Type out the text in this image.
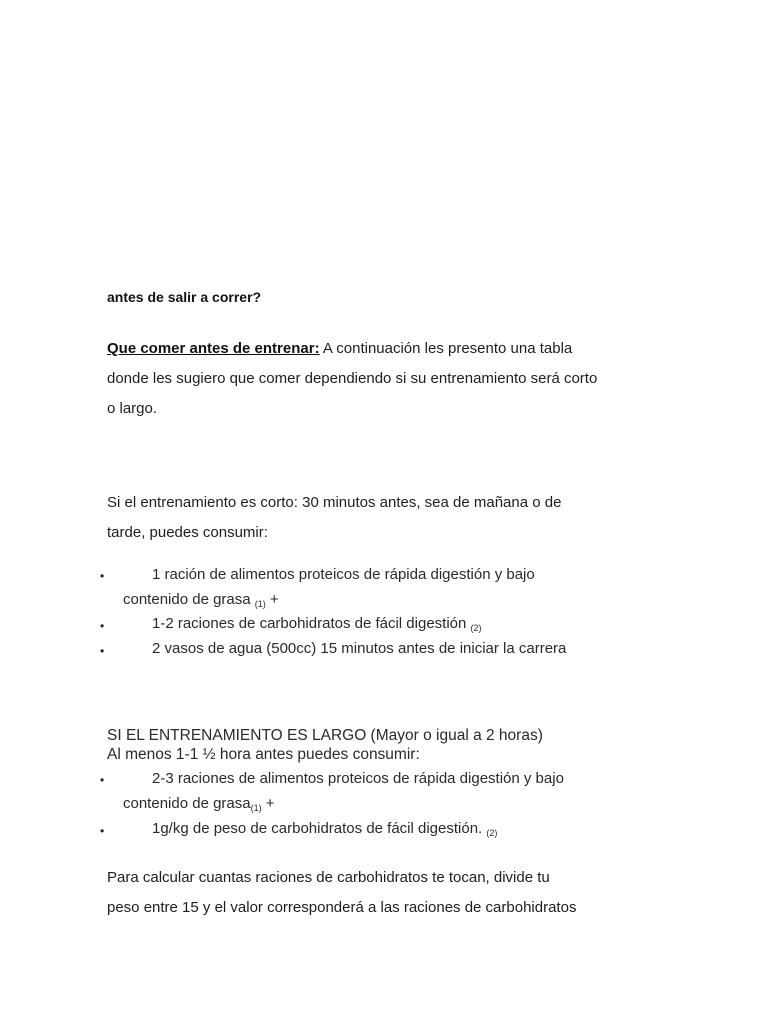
antes de salir a correr?
Que comer antes de entrenar: A continuación les presento una tabla
donde les sugiero que comer dependiendo si su entrenamiento será corto
o largo.
Si el entrenamiento es corto: 30 minutos antes, sea de mañana o de
tarde, puedes consumir:
•	1 ración de alimentos proteicos de rápida digestión y bajo
contenido de grasa $_{(1)}$ +
•	1-2 raciones de carbohidratos de fácil digestión $_{(2)}$
•	2 vasos de agua (500cc) 15 minutos antes de iniciar la carrera
SI EL ENTRENAMIENTO ES LARGO (Mayor o igual a 2 horas)
Al menos 1-1 ½ hora antes puedes consumir:
•	2-3 raciones de alimentos proteicos de rápida digestión y bajo
contenido de grasa$_{(1)}$ +
•	1g/kg de peso de carbohidratos de fácil digestión. $_{(2)}$
Para calcular cuantas raciones de carbohidratos te tocan, divide tu
peso entre 15 y el valor corresponderá a las raciones de carbohidratos
